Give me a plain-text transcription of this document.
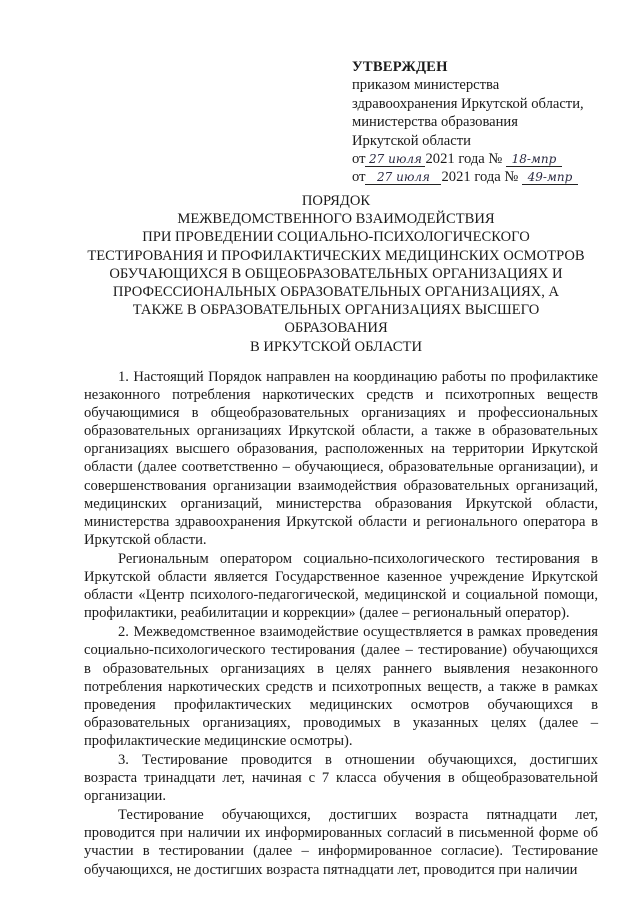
УТВЕРЖДЕН
приказом министерства
здравоохранения Иркутской области,
министерства образования
Иркутской области
от 27 июля 2021 года № 18-мпр
от 27 июля 2021 года № 49-мпр
ПОРЯДОК
МЕЖВЕДОМСТВЕННОГО ВЗАИМОДЕЙСТВИЯ
ПРИ ПРОВЕДЕНИИ СОЦИАЛЬНО-ПСИХОЛОГИЧЕСКОГО
ТЕСТИРОВАНИЯ И ПРОФИЛАКТИЧЕСКИХ МЕДИЦИНСКИХ ОСМОТРОВ
ОБУЧАЮЩИХСЯ В ОБЩЕОБРАЗОВАТЕЛЬНЫХ ОРГАНИЗАЦИЯХ И
ПРОФЕССИОНАЛЬНЫХ ОБРАЗОВАТЕЛЬНЫХ ОРГАНИЗАЦИЯХ, А
ТАКЖЕ В ОБРАЗОВАТЕЛЬНЫХ ОРГАНИЗАЦИЯХ ВЫСШЕГО
ОБРАЗОВАНИЯ
В ИРКУТСКОЙ ОБЛАСТИ

1. Настоящий Порядок направлен на координацию работы по профилактике незаконного потребления наркотических средств и психотропных веществ обучающимися в общеобразовательных организациях и профессиональных образовательных организациях Иркутской области, а также в образовательных организациях высшего образования, расположенных на территории Иркутской области (далее соответственно – обучающиеся, образовательные организации), и совершенствования организации взаимодействия образовательных организаций, медицинских организаций, министерства образования Иркутской области, министерства здравоохранения Иркутской области и регионального оператора в Иркутской области.

Региональным оператором социально-психологического тестирования в Иркутской области является Государственное казенное учреждение Иркутской области «Центр психолого-педагогической, медицинской и социальной помощи, профилактики, реабилитации и коррекции» (далее – региональный оператор).

2. Межведомственное взаимодействие осуществляется в рамках проведения социально-психологического тестирования (далее – тестирование) обучающихся в образовательных организациях в целях раннего выявления незаконного потребления наркотических средств и психотропных веществ, а также в рамках проведения профилактических медицинских осмотров обучающихся в образовательных организациях, проводимых в указанных целях (далее – профилактические медицинские осмотры).

3. Тестирование проводится в отношении обучающихся, достигших возраста тринадцати лет, начиная с 7 класса обучения в общеобразовательной организации.

Тестирование обучающихся, достигших возраста пятнадцати лет, проводится при наличии их информированных согласий в письменной форме об участии в тестировании (далее – информированное согласие). Тестирование обучающихся, не достигших возраста пятнадцати лет, проводится при наличии
